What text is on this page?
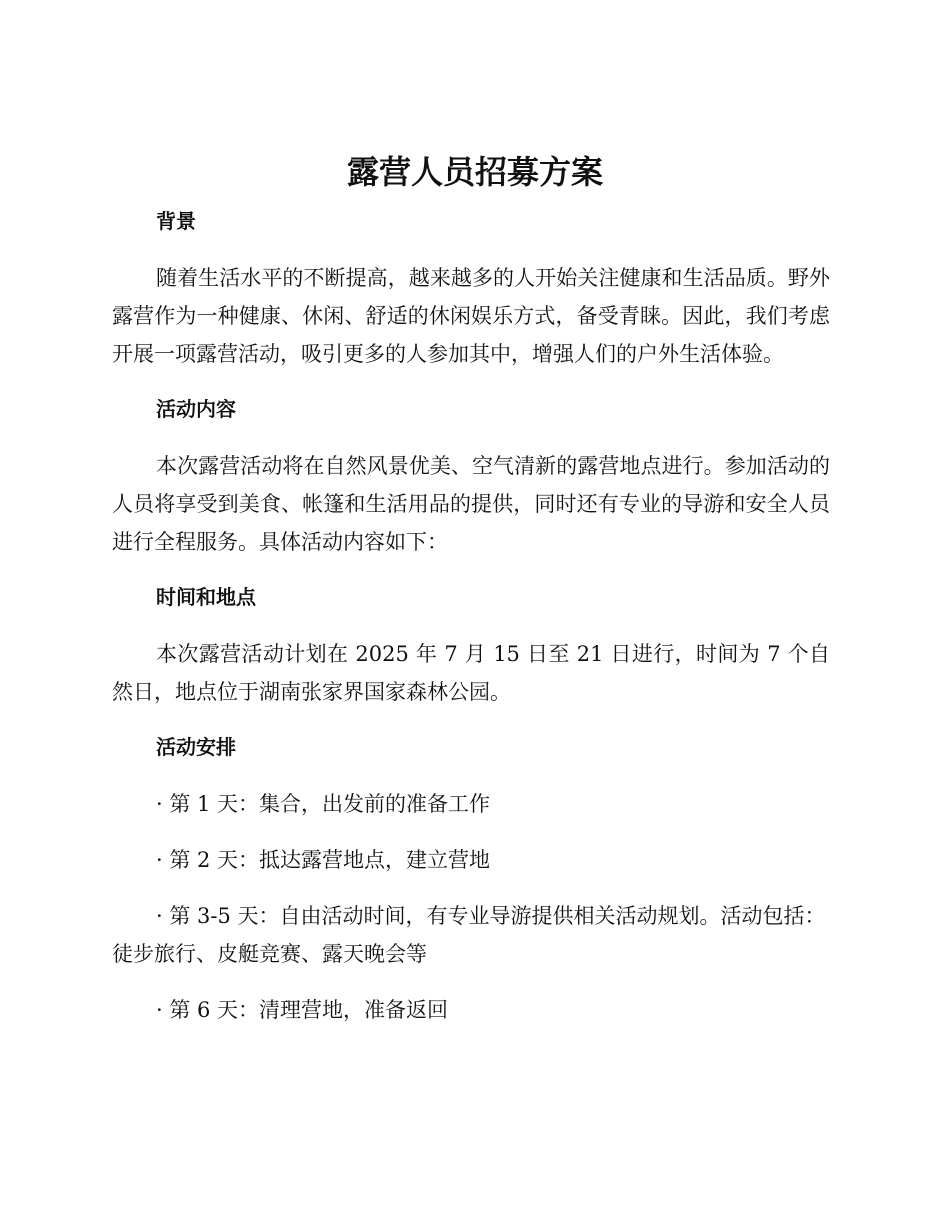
露营人员招募方案
背景

随着生活水平的不断提高，越来越多的人开始关注健康和生活品质。野外露营作为一种健康、休闲、舒适的休闲娱乐方式，备受青睐。因此，我们考虑开展一项露营活动，吸引更多的人参加其中，增强人们的户外生活体验。

活动内容

本次露营活动将在自然风景优美、空气清新的露营地点进行。参加活动的人员将享受到美食、帐篷和生活用品的提供，同时还有专业的导游和安全人员进行全程服务。具体活动内容如下：

时间和地点

本次露营活动计划在 2025 年 7 月 15 日至 21 日进行，时间为 7 个自然日，地点位于湖南张家界国家森林公园。

活动安排

· 第 1 天：集合，出发前的准备工作

· 第 2 天：抵达露营地点，建立营地

· 第 3-5 天：自由活动时间，有专业导游提供相关活动规划。活动包括：徒步旅行、皮艇竞赛、露天晚会等

· 第 6 天：清理营地，准备返回
